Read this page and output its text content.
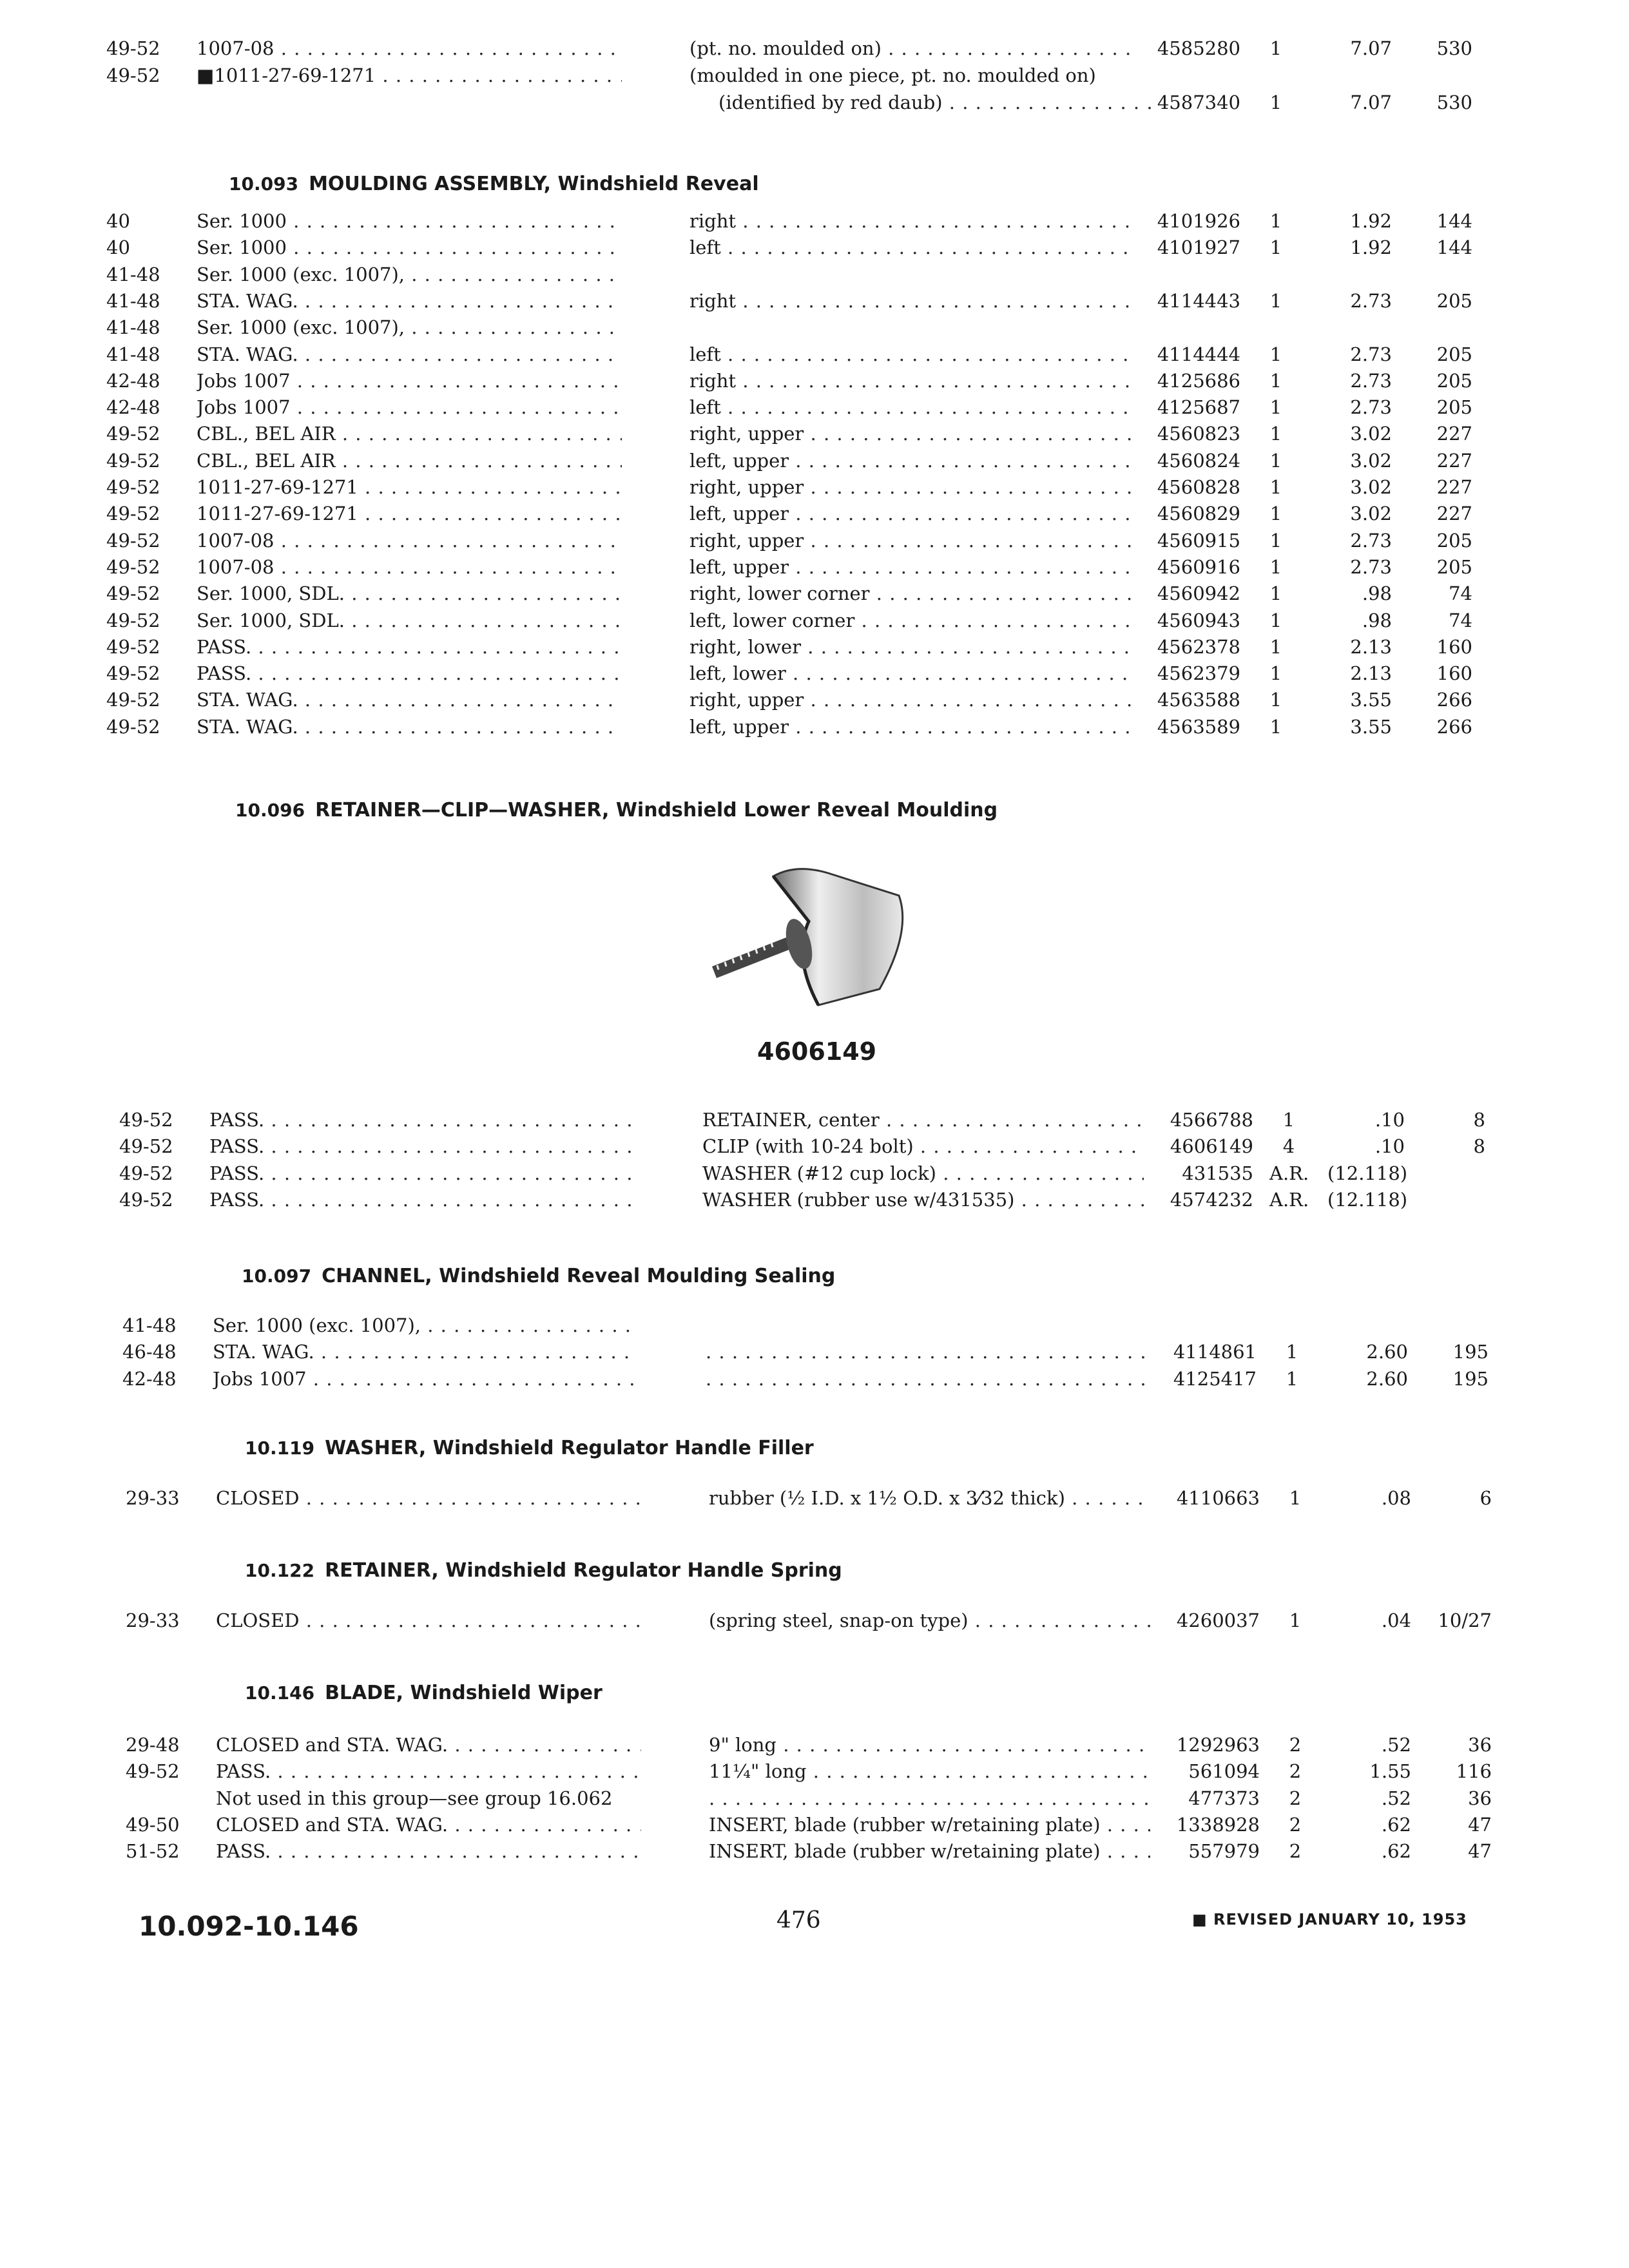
49-52 1007-08 . . .	(pt. no. moulded on) . . .	4585280	1	7.07	530
49-52 ■1011-27-69-1271 . . .	(moulded in one piece, pt. no. moulded on)
(identified by red daub) . . .	4587340	1	7.07	530
10.093 MOULDING ASSEMBLY, Windshield Reveal
40	Ser. 1000 . . .	right . . .	4101926	1	1.92	144
40	Ser. 1000 . . .	left . . .	4101927	1	1.92	144
41-48 Ser. 1000 (exc. 1007), . . .
41-48 STA. WAG. . . .	right . . .	4114443	1	2.73	205
41-48 Ser. 1000 (exc. 1007), . . .
41-48 STA. WAG. . . .	left . . .	4114444	1	2.73	205
42-48 Jobs 1007 . . .	right . . .	4125686	1	2.73	205
42-48 Jobs 1007 . . .	left . . .	4125687	1	2.73	205
49-52 CBL., BEL AIR . . .	right, upper . . .	4560823	1	3.02	227
49-52 CBL., BEL AIR . . .	left, upper . . .	4560824	1	3.02	227
49-52 1011-27-69-1271 . . .	right, upper . . .	4560828	1	3.02	227
49-52 1011-27-69-1271 . . .	left, upper . . .	4560829	1	3.02	227
49-52 1007-08 . . .	right, upper . . .	4560915	1	2.73	205
49-52 1007-08 . . .	left, upper . . .	4560916	1	2.73	205
49-52 Ser. 1000, SDL. . . .	right, lower corner . . .	4560942	1	.98	74
49-52 Ser. 1000, SDL. . . .	left, lower corner . . .	4560943	1	.98	74
49-52 PASS. . . .	right, lower . . .	4562378	1	2.13	160
49-52 PASS. . . .	left, lower . . .	4562379	1	2.13	160
49-52 STA. WAG. . . .	right, upper . . .	4563588	1	3.55	266
49-52 STA. WAG. . . .	left, upper . . .	4563589	1	3.55	266
10.096 RETAINER—CLIP—WASHER, Windshield Lower Reveal Moulding
4606149
49-52 PASS. . . .	RETAINER, center . . .	4566788	1	.10	8
49-52 PASS. . . .	CLIP (with 10-24 bolt) . . .	4606149	4	.10	8
49-52 PASS. . . .	WASHER (#12 cup lock) . . .	431535 A.R. (12.118)
49-52 PASS. . . .	WASHER (rubber use w/431535) . . .	4574232 A.R. (12.118)
10.097 CHANNEL, Windshield Reveal Moulding Sealing
41-48 Ser. 1000 (exc. 1007), . . .
46-48 STA. WAG. . . . . . .	4114861	1	2.60	195
42-48 Jobs 1007 . . . . . .	4125417	1	2.60	195
10.119 WASHER, Windshield Regulator Handle Filler
29-33 CLOSED . . .	rubber (½ I.D. x 1½ O.D. x 3⁄32 thick) . . .	4110663	1	.08	6
10.122 RETAINER, Windshield Regulator Handle Spring
29-33 CLOSED . . .	(spring steel, snap-on type) . . .	4260037	1	.04	10/27
10.146 BLADE, Windshield Wiper
29-48 CLOSED and STA. WAG. . . .	9" long . . .	1292963	2	.52	36
49-52 PASS. . . .	11¼" long . . .	561094	2	1.55	116
Not used in this group—see group 16.062 . . .	477373	2	.52	36
49-50 CLOSED and STA. WAG. . . .	INSERT, blade (rubber w/retaining plate) . . .	1338928	2	.62	47
51-52 PASS. . . .	INSERT, blade (rubber w/retaining plate) . . .	557979	2	.62	47
10.092-10.146	476	■ REVISED JANUARY 10, 1953
